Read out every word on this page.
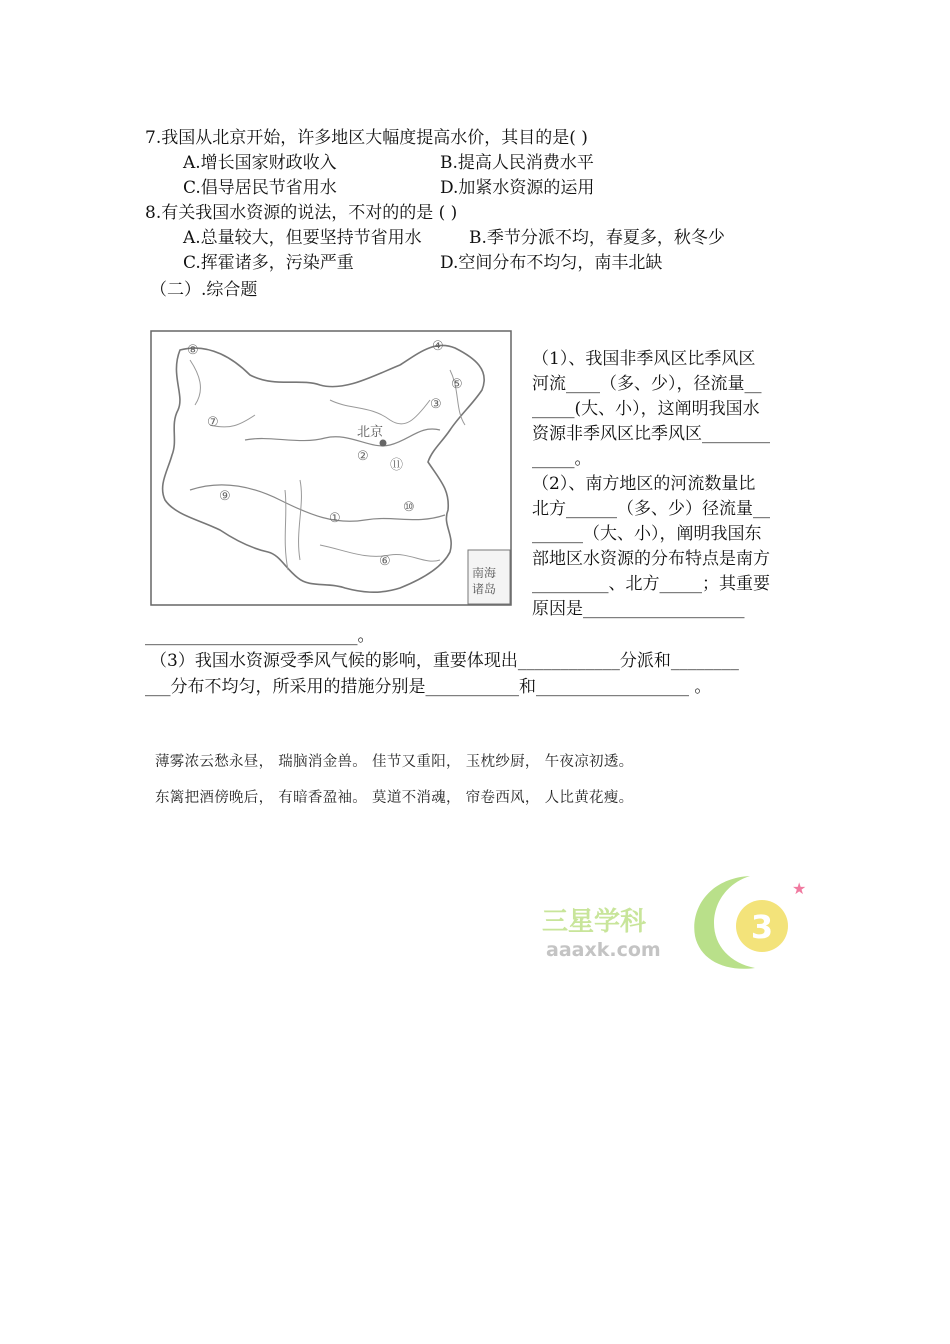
7.我国从北京开始，许多地区大幅度提高水价，其目的是( )
A.增长国家财政收入	B.提高人民消费水平
C.倡导居民节省用水	D.加紧水资源的运用
8.有关我国水资源的说法，不对的的是 ( )
A.总量较大，但要坚持节省用水	B.季节分派不均，春夏多，秋冬少
C.挥霍诸多，污染严重	D.空间分布不均匀，南丰北缺
（二）.综合题
⑧	④
⑤
③
⑦
②
⑪
⑨
①
⑩
⑥
北京
南海
诸岛

（1）、我国非季风区比季风区

河流____（多、少），径流量__

_____(大、小），这阐明我国水

资源非季风区比季风区________

_____。

（2）、南方地区的河流数量比

北方______（多、少）径流量__

______（大、小），阐明我国东

部地区水资源的分布特点是南方

_________、北方_____；其重要

原因是___________________

_________________________。
（3）我国水资源受季风气候的影响，重要体现出____________分派和________
___分布不均匀，所采用的措施分别是___________和__________________ 。
薄雾浓云愁永昼， 瑞脑消金兽。 佳节又重阳， 玉枕纱厨， 午夜凉初透。
东篱把酒傍晚后， 有暗香盈袖。 莫道不消魂， 帘卷西风， 人比黄花瘦。
3
★
三星学科
aaaxk.com
